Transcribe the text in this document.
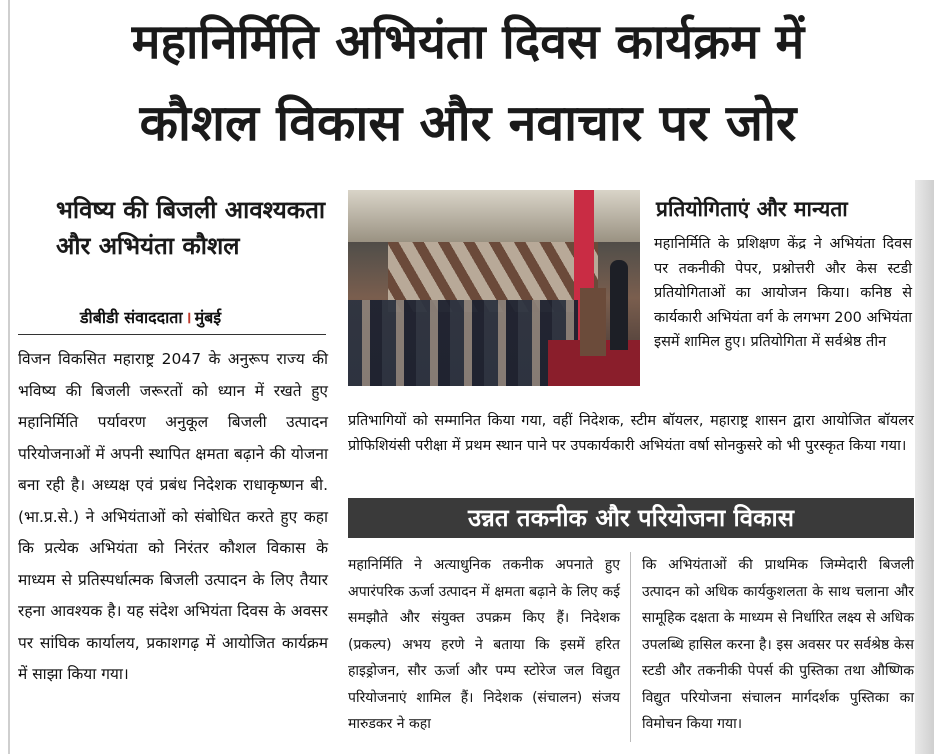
महानिर्मिति अभियंता दिवस कार्यक्रम में
कौशल विकास और नवाचार पर जोर
भविष्य की बिजली आवश्यकता और अभियंता कौशल
डीबीडी संवाददाता । मुंबई
विजन विकसित महाराष्ट्र 2047 के अनुरूप राज्य की भविष्य की बिजली जरूरतों को ध्यान में रखते हुए महानिर्मिति पर्यावरण अनुकूल बिजली उत्पादन परियोजनाओं में अपनी स्थापित क्षमता बढ़ाने की योजना बना रही है। अध्यक्ष एवं प्रबंध निदेशक राधाकृष्णन बी. (भा.प्र.से.) ने अभियंताओं को संबोधित करते हुए कहा कि प्रत्येक अभियंता को निरंतर कौशल विकास के माध्यम से प्रतिस्पर्धात्मक बिजली उत्पादन के लिए तैयार रहना आवश्यक है। यह संदेश अभियंता दिवस के अवसर पर सांघिक कार्यालय, प्रकाशगढ़ में आयोजित कार्यक्रम में साझा किया गया।
प्रतियोगिताएं और मान्यता
महानिर्मिति के प्रशिक्षण केंद्र ने अभियंता दिवस पर तकनीकी पेपर, प्रश्नोत्तरी और केस स्टडी प्रतियोगिताओं का आयोजन किया। कनिष्ठ से कार्यकारी अभियंता वर्ग के लगभग 200 अभियंता इसमें शामिल हुए। प्रतियोगिता में सर्वश्रेष्ठ तीन
प्रतिभागियों को सम्मानित किया गया, वहीं निदेशक, स्टीम बॉयलर, महाराष्ट्र शासन द्वारा आयोजित बॉयलर प्रोफिशियंसी परीक्षा में प्रथम स्थान पाने पर उपकार्यकारी अभियंता वर्षा सोनकुसरे को भी पुरस्कृत किया गया।
उन्नत तकनीक और परियोजना विकास
महानिर्मिति ने अत्याधुनिक तकनीक अपनाते हुए अपारंपरिक ऊर्जा उत्पादन में क्षमता बढ़ाने के लिए कई समझौते और संयुक्त उपक्रम किए हैं। निदेशक (प्रकल्प) अभय हरणे ने बताया कि इसमें हरित हाइड्रोजन, सौर ऊर्जा और पम्प स्टोरेज जल विद्युत परियोजनाएं शामिल हैं। निदेशक (संचालन) संजय मारुडकर ने कहा
कि अभियंताओं की प्राथमिक जिम्मेदारी बिजली उत्पादन को अधिक कार्यकुशलता के साथ चलाना और सामूहिक दक्षता के माध्यम से निर्धारित लक्ष्य से अधिक उपलब्धि हासिल करना है। इस अवसर पर सर्वश्रेष्ठ केस स्टडी और तकनीकी पेपर्स की पुस्तिका तथा औष्णिक विद्युत परियोजना संचालन मार्गदर्शक पुस्तिका का विमोचन किया गया।
